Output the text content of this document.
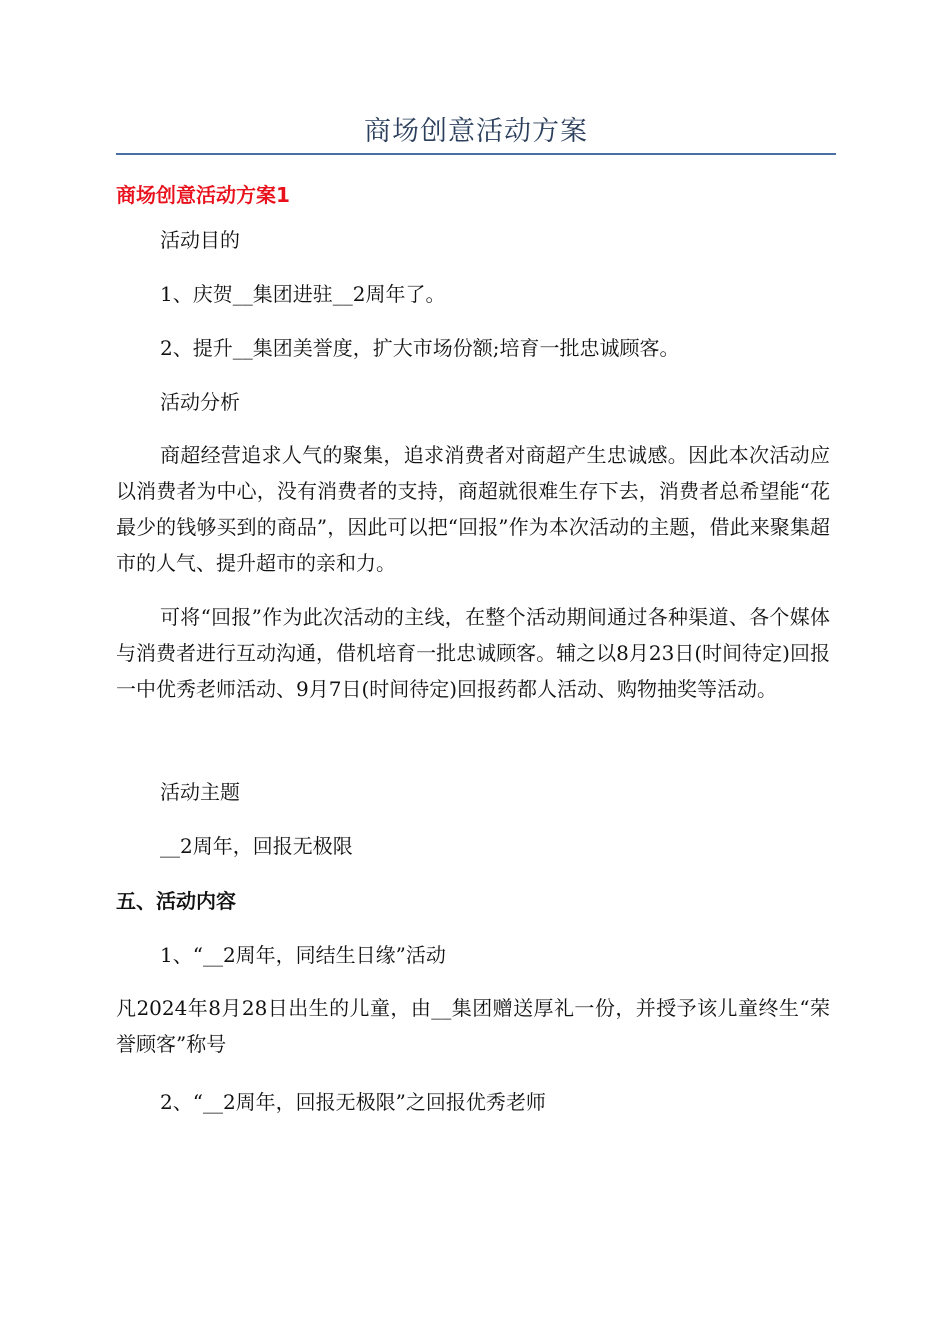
商场创意活动方案
商场创意活动方案1
活动目的
1、庆贺__集团进驻__2周年了。
2、提升__集团美誉度，扩大市场份额;培育一批忠诚顾客。
活动分析
商超经营追求人气的聚集，追求消费者对商超产生忠诚感。因此本次活动应以消费者为中心，没有消费者的支持，商超就很难生存下去，消费者总希望能“花最少的钱够买到的商品”，因此可以把“回报”作为本次活动的主题，借此来聚集超市的人气、提升超市的亲和力。
可将“回报”作为此次活动的主线，在整个活动期间通过各种渠道、各个媒体与消费者进行互动沟通，借机培育一批忠诚顾客。辅之以8月23日(时间待定)回报一中优秀老师活动、9月7日(时间待定)回报药都人活动、购物抽奖等活动。
活动主题
__2周年，回报无极限
五、活动内容
1、“__2周年，同结生日缘”活动
凡2024年8月28日出生的儿童，由__集团赠送厚礼一份，并授予该儿童终生“荣誉顾客”称号
2、“__2周年，回报无极限”之回报优秀老师
